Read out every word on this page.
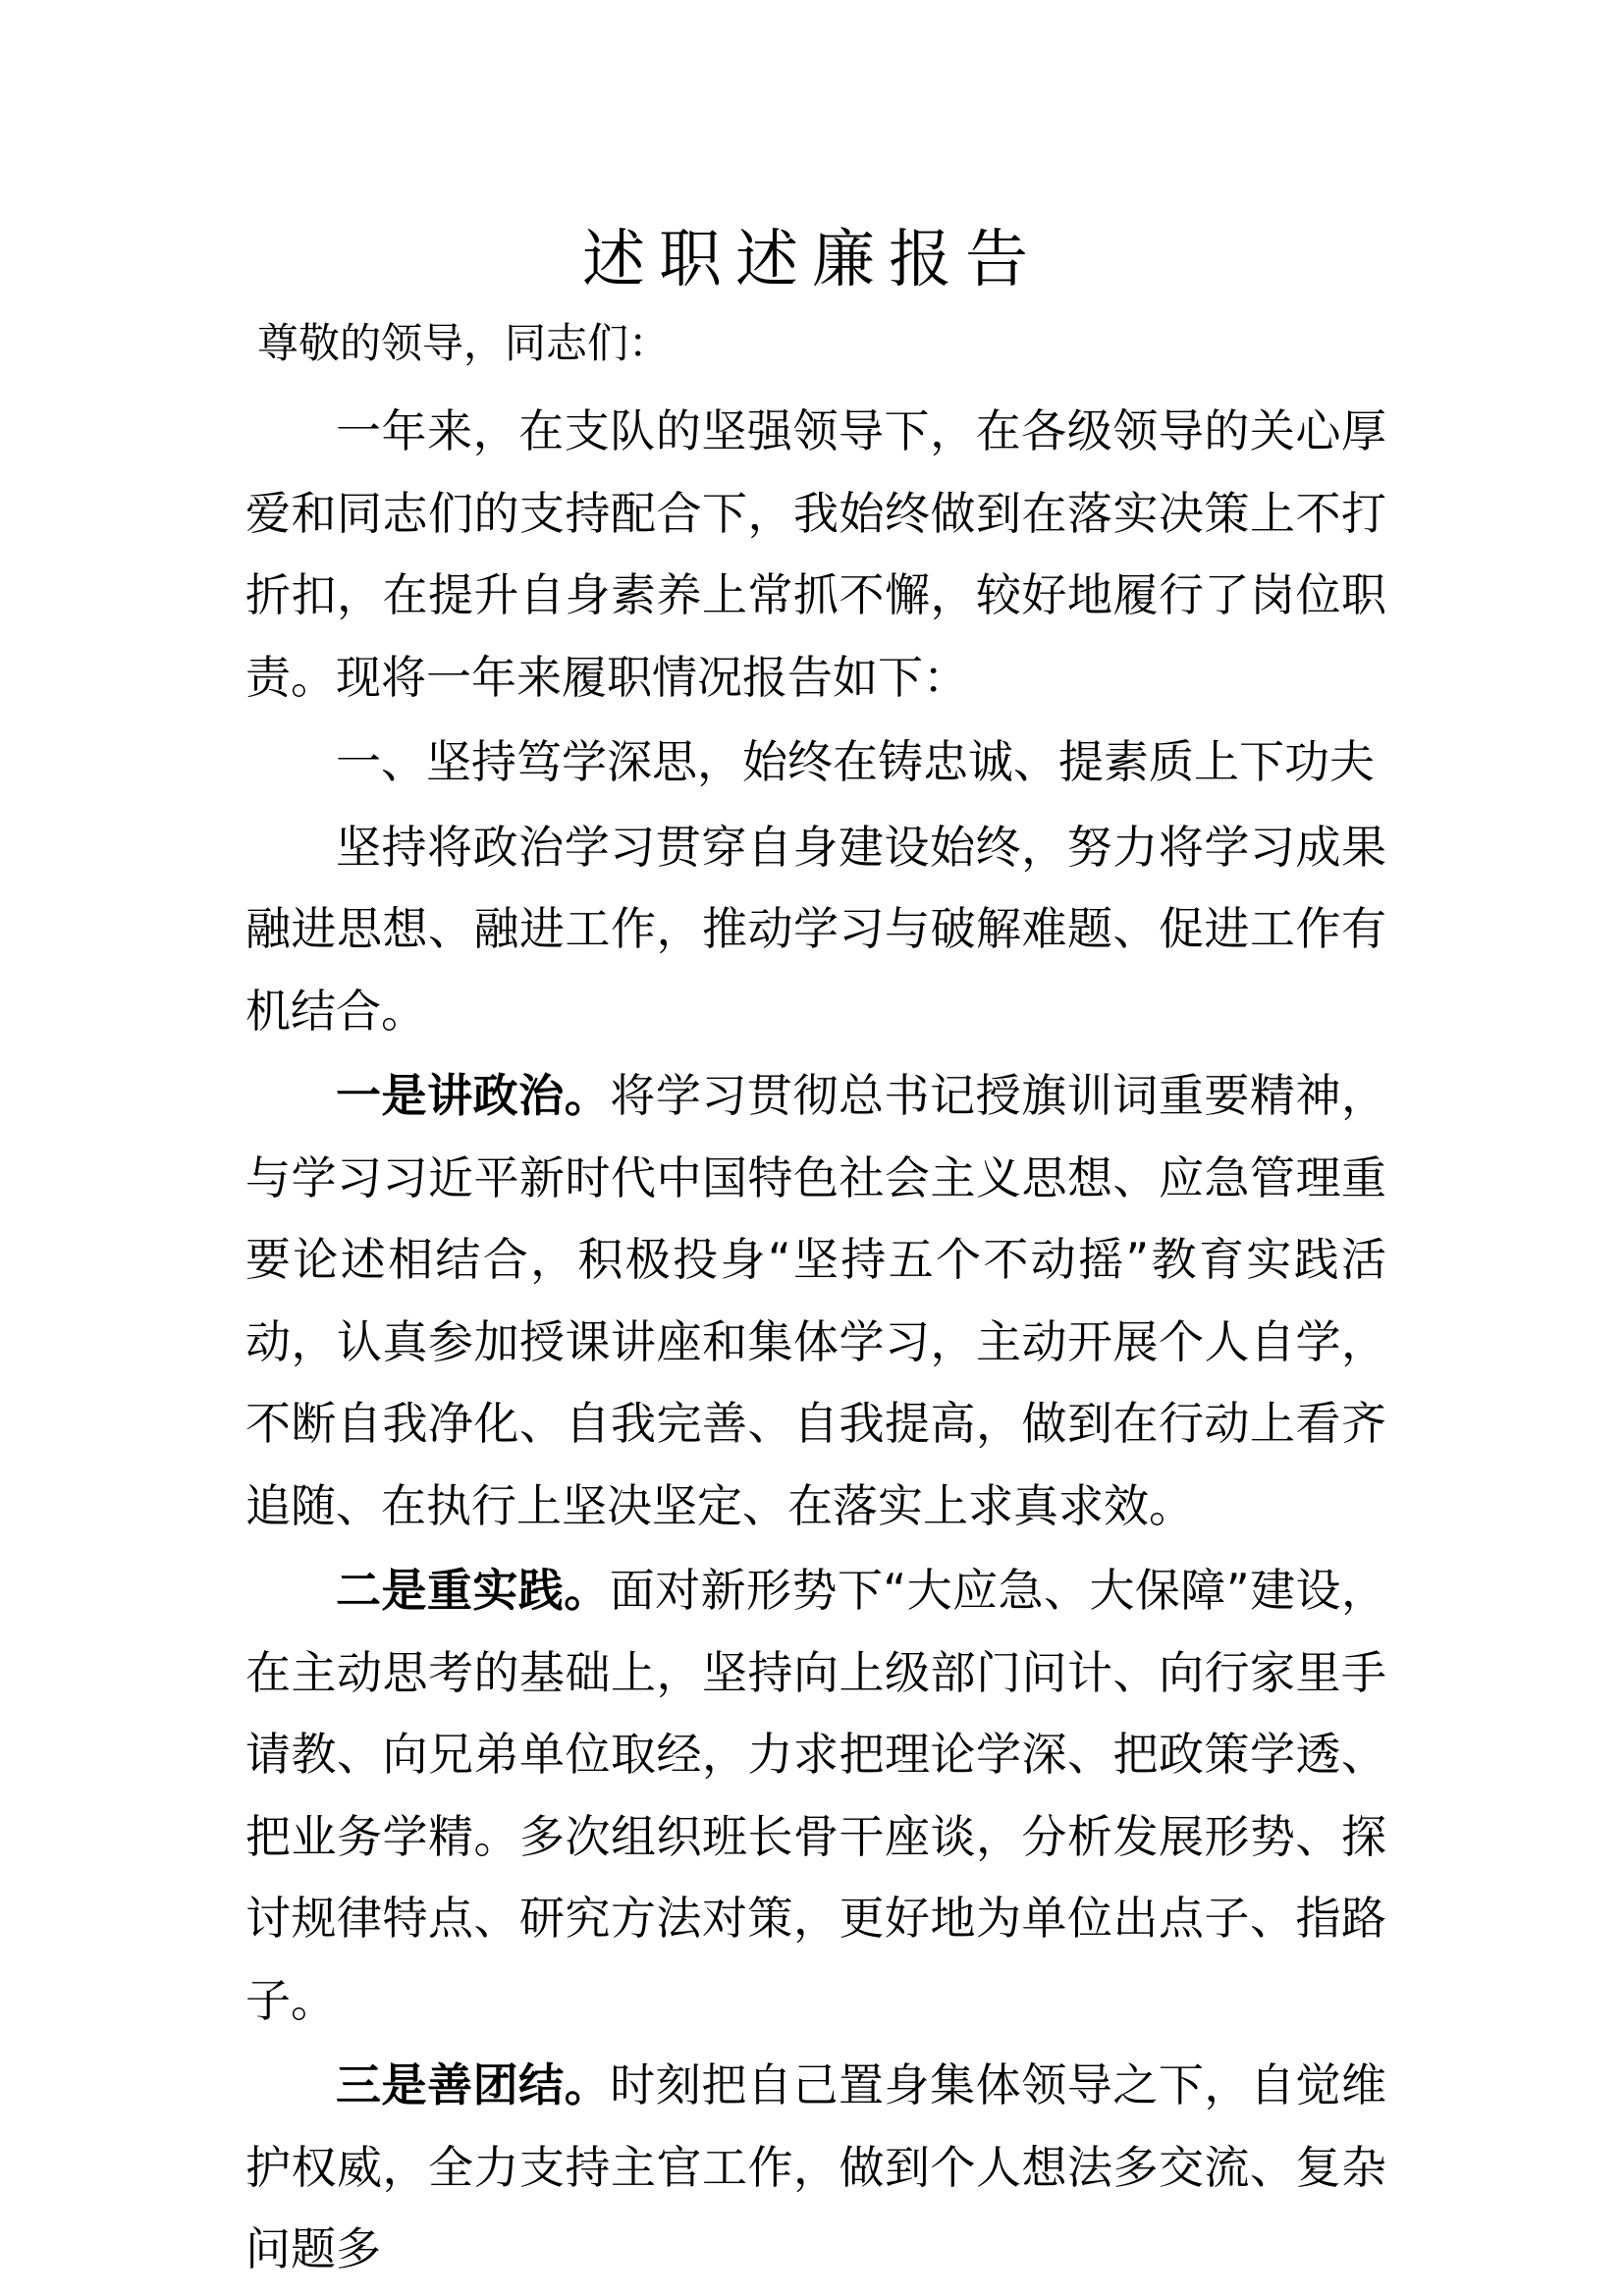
述职述廉报告
尊敬的领导，同志们：

一年来，在支队的坚强领导下，在各级领导的关心厚爱和同志们的支持配合下，我始终做到在落实决策上不打折扣，在提升自身素养上常抓不懈，较好地履行了岗位职责。现将一年来履职情况报告如下：

一、坚持笃学深思，始终在铸忠诚、提素质上下功夫

坚持将政治学习贯穿自身建设始终，努力将学习成果融进思想、融进工作，推动学习与破解难题、促进工作有机结合。

一是讲政治。将学习贯彻总书记授旗训词重要精神，与学习习近平新时代中国特色社会主义思想、应急管理重要论述相结合，积极投身“坚持五个不动摇”教育实践活动，认真参加授课讲座和集体学习，主动开展个人自学，不断自我净化、自我完善、自我提高，做到在行动上看齐追随、在执行上坚决坚定、在落实上求真求效。

二是重实践。面对新形势下“大应急、大保障”建设，在主动思考的基础上，坚持向上级部门问计、向行家里手请教、向兄弟单位取经，力求把理论学深、把政策学透、把业务学精。多次组织班长骨干座谈，分析发展形势、探讨规律特点、研究方法对策，更好地为单位出点子、指路子。

三是善团结。时刻把自己置身集体领导之下，自觉维护权威，全力支持主官工作，做到个人想法多交流、复杂问题多
